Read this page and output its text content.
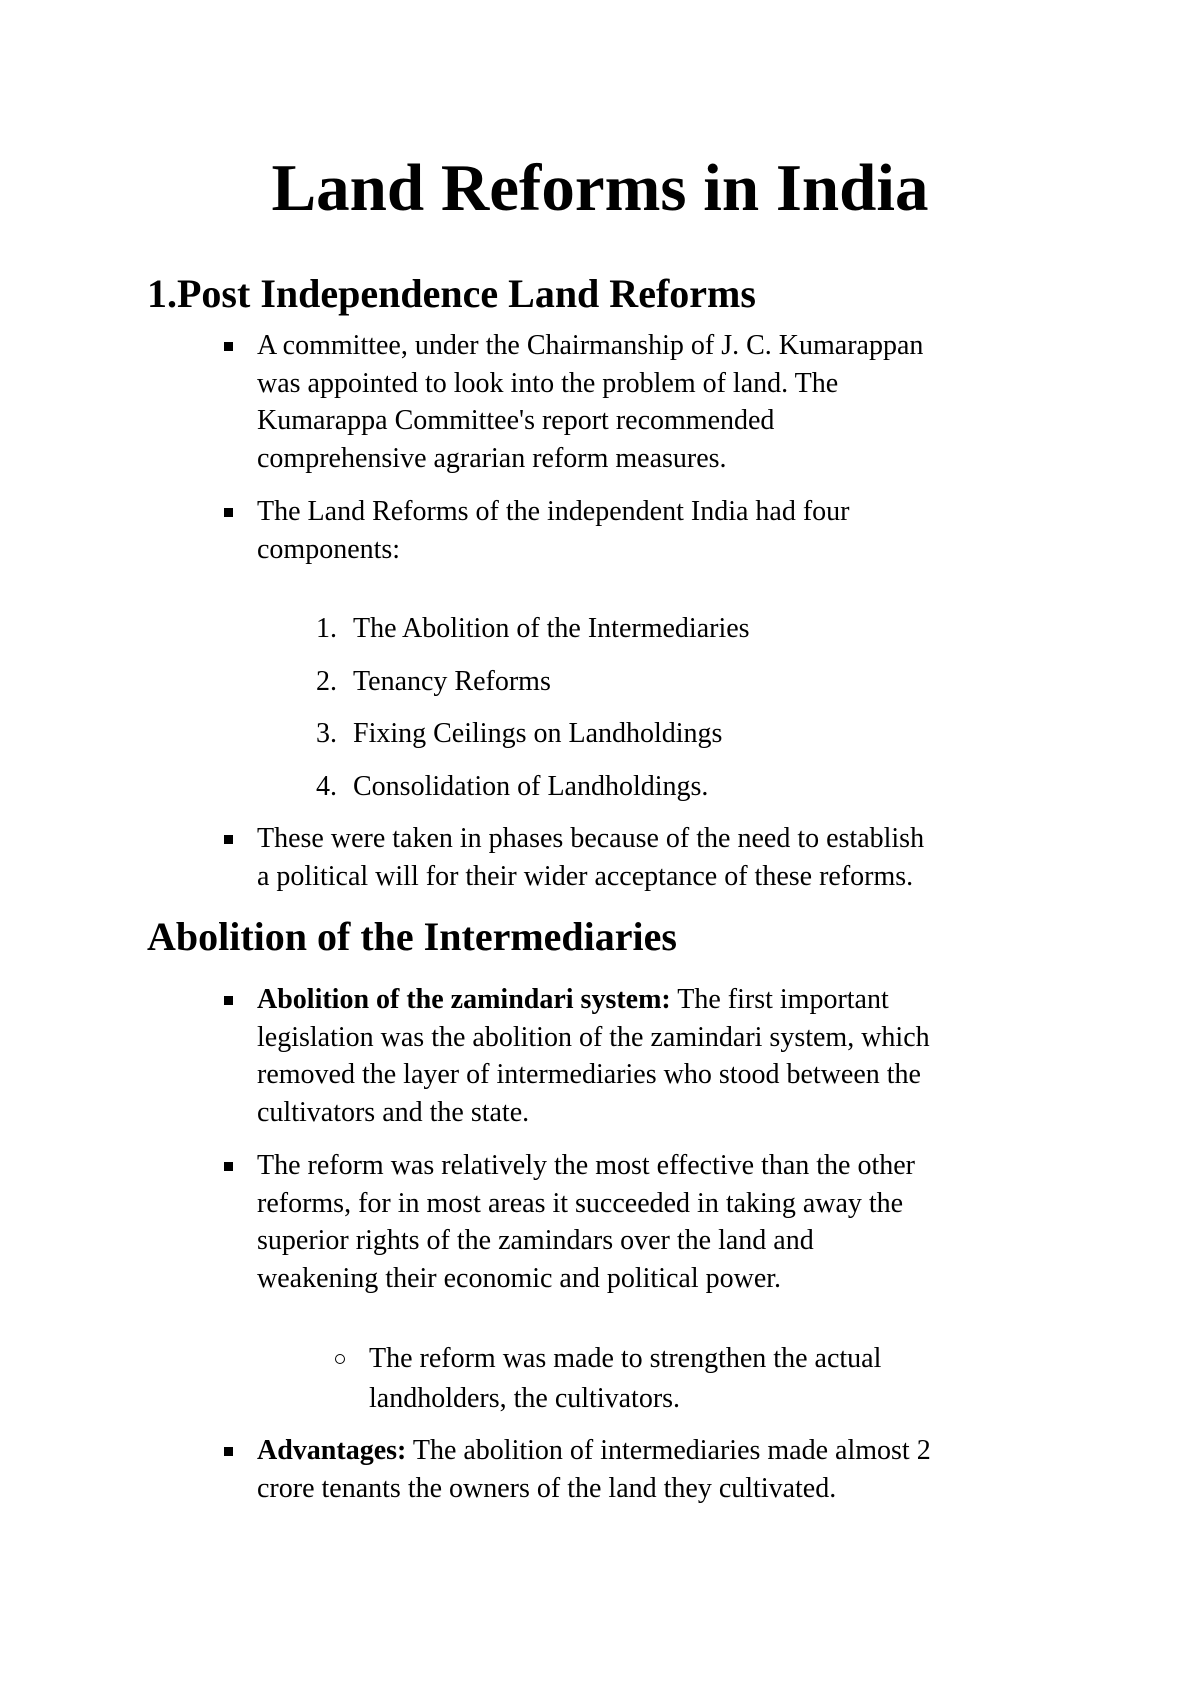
Land Reforms in India
1.Post Independence Land Reforms
A committee, under the Chairmanship of J. C. Kumarappan
was appointed to look into the problem of land. The
Kumarappa Committee's report recommended
comprehensive agrarian reform measures.
The Land Reforms of the independent India had four
components:
1. The Abolition of the Intermediaries
2. Tenancy Reforms
3. Fixing Ceilings on Landholdings
4. Consolidation of Landholdings.
These were taken in phases because of the need to establish
a political will for their wider acceptance of these reforms.
Abolition of the Intermediaries
Abolition of the zamindari system: The first important
legislation was the abolition of the zamindari system, which
removed the layer of intermediaries who stood between the
cultivators and the state.
The reform was relatively the most effective than the other
reforms, for in most areas it succeeded in taking away the
superior rights of the zamindars over the land and
weakening their economic and political power.
The reform was made to strengthen the actual
landholders, the cultivators.
Advantages: The abolition of intermediaries made almost 2
crore tenants the owners of the land they cultivated.
